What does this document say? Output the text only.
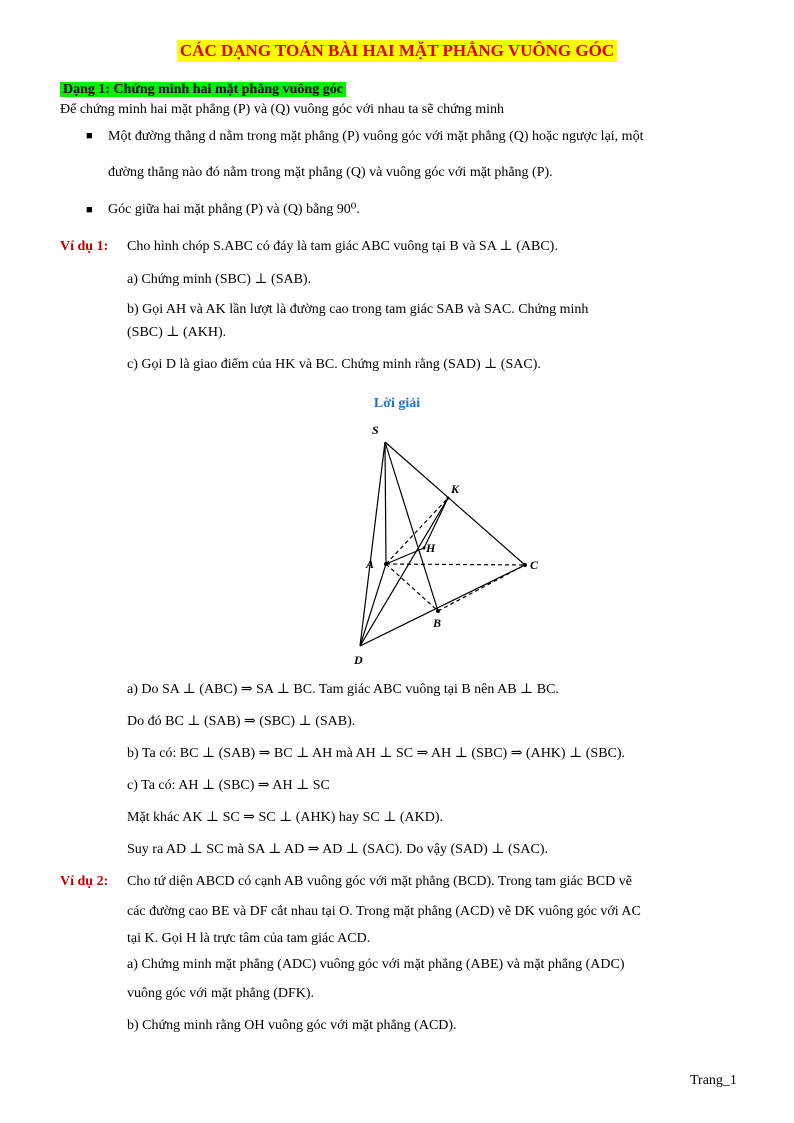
CÁC DẠNG TOÁN BÀI HAI MẶT PHẲNG VUÔNG GÓC
Dạng 1: Chứng minh hai mặt phẳng vuông góc
Để chứng minh hai mặt phẳng (P) và (Q) vuông góc với nhau ta sẽ chứng minh
■ Một đường thẳng d nằm trong mặt phẳng (P) vuông góc với mặt phẳng (Q) hoặc ngược lại, một
đường thẳng nào đó nằm trong mặt phẳng (Q) và vuông góc với mặt phẳng (P).
■ Góc giữa hai mặt phẳng (P) và (Q) bằng 90⁰.
Ví dụ 1: Cho hình chóp S.ABC có đáy là tam giác ABC vuông tại B và SA ⊥ (ABC).
a) Chứng minh (SBC) ⊥ (SAB).
b) Gọi AH và AK lần lượt là đường cao trong tam giác SAB và SAC. Chứng minh
(SBC) ⊥ (AKH).
c) Gọi D là giao điểm của HK và BC. Chứng minh rằng (SAD) ⊥ (SAC).
Lời giải
S
K
H
A	C
B
D
a) Do SA ⊥ (ABC) ⇒ SA ⊥ BC. Tam giác ABC vuông tại B nên AB ⊥ BC.
Do đó BC ⊥ (SAB) ⇒ (SBC) ⊥ (SAB).
b) Ta có: BC ⊥ (SAB) ⇒ BC ⊥ AH mà AH ⊥ SC ⇒ AH ⊥ (SBC) ⇒ (AHK) ⊥ (SBC).
c) Ta có: AH ⊥ (SBC) ⇒ AH ⊥ SC
Mặt khác AK ⊥ SC ⇒ SC ⊥ (AHK) hay SC ⊥ (AKD).
Suy ra AD ⊥ SC mà SA ⊥ AD ⇒ AD ⊥ (SAC). Do vậy (SAD) ⊥ (SAC).
Ví dụ 2: Cho tứ diện ABCD có cạnh AB vuông góc với mặt phẳng (BCD). Trong tam giác BCD vẽ
các đường cao BE và DF cắt nhau tại O. Trong mặt phẳng (ACD) vẽ DK vuông góc với AC
tại K. Gọi H là trực tâm của tam giác ACD.
a) Chứng minh mặt phẳng (ADC) vuông góc với mặt phẳng (ABE) và mặt phẳng (ADC)
vuông góc với mặt phẳng (DFK).
b) Chứng minh rằng OH vuông góc với mặt phẳng (ACD).
Trang_1
